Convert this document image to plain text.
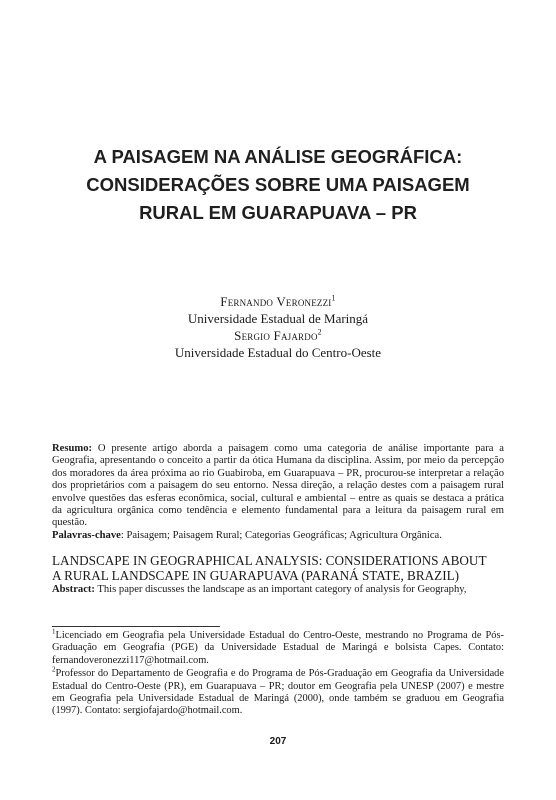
A PAISAGEM NA ANÁLISE GEOGRÁFICA:
CONSIDERAÇÕES SOBRE UMA PAISAGEM
RURAL EM GUARAPUAVA – PR
Fernando Veronezzi$^1$
Universidade Estadual de Maringá
Sergio Fajardo$^2$
Universidade Estadual do Centro-Oeste
Resumo: O presente artigo aborda a paisagem como uma categoria de análise importante para a Geografia, apresentando o conceito a partir da ótica Humana da disciplina. Assim, por meio da percepção dos moradores da área próxima ao rio Guabiroba, em Guarapuava – PR, procurou-se interpretar a relação dos proprietários com a paisagem do seu entorno. Nessa direção, a relação destes com a paisagem rural envolve questões das esferas econômica, social, cultural e ambiental – entre as quais se destaca a prática da agricultura orgânica como tendência e elemento fundamental para a leitura da paisagem rural em questão.
Palavras-chave: Paisagem; Paisagem Rural; Categorias Geográficas; Agricultura Orgânica.
LANDSCAPE IN GEOGRAPHICAL ANALYSIS: CONSIDERATIONS ABOUT
A RURAL LANDSCAPE IN GUARAPUAVA (PARANÁ STATE, BRAZIL)
Abstract: This paper discusses the landscape as an important category of analysis for Geography,
$^1$Licenciado em Geografia pela Universidade Estadual do Centro-Oeste, mestrando no Programa de Pós-Graduação em Geografia (PGE) da Universidade Estadual de Maringá e bolsista Capes. Contato: fernandoveronezzi117@hotmail.com.
$^2$Professor do Departamento de Geografia e do Programa de Pós-Graduação em Geografia da Universidade Estadual do Centro-Oeste (PR), em Guarapuava – PR; doutor em Geografia pela UNESP (2007) e mestre em Geografia pela Universidade Estadual de Maringá (2000), onde também se graduou em Geografia (1997). Contato: sergiofajardo@hotmail.com.
207
